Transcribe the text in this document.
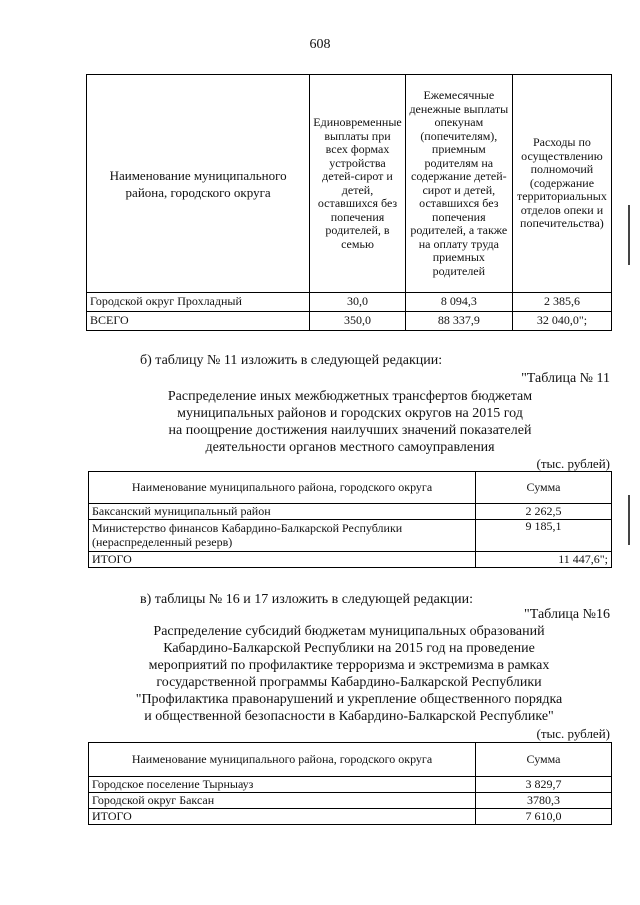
608
Наименование муниципального района, городского округа	Единовременные выплаты при всех формах устройства детей-сирот и детей, оставшихся без попечения родителей, в семью	Ежемесячные денежные выплаты опекунам (попечителям), приемным родителям на содержание детей-сирот и детей, оставшихся без попечения родителей, а также на оплату труда приемных родителей	Расходы по осуществлению полномочий (содержание территориальных отделов опеки и попечительства)
Городской округ Прохладный	30,0	8 094,3	2 385,6
ВСЕГО	350,0	88 337,9	32 040,0";
б) таблицу № 11 изложить в следующей редакции:
"Таблица № 11
Распределение иных межбюджетных трансфертов бюджетам
муниципальных районов и городских округов на 2015 год
на поощрение достижения наилучших значений показателей
деятельности органов местного самоуправления
(тыс. рублей)
Наименование муниципального района, городского округа	Сумма
Баксанский муниципальный район	2 262,5
Министерство финансов Кабардино-Балкарской Республики (нераспределенный резерв)	9 185,1
ИТОГО	11 447,6";
в) таблицы № 16 и 17 изложить в следующей редакции:
"Таблица №16
Распределение субсидий бюджетам муниципальных образований
Кабардино-Балкарской Республики на 2015 год на проведение
мероприятий по профилактике терроризма и экстремизма в рамках
государственной программы Кабардино-Балкарской Республики
"Профилактика правонарушений и укрепление общественного порядка
и общественной безопасности в Кабардино-Балкарской Республике"
(тыс. рублей)
Наименование муниципального района, городского округа	Сумма
Городское поселение Тырныауз	3 829,7
Городской округ Баксан	3780,3
ИТОГО	7 610,0
